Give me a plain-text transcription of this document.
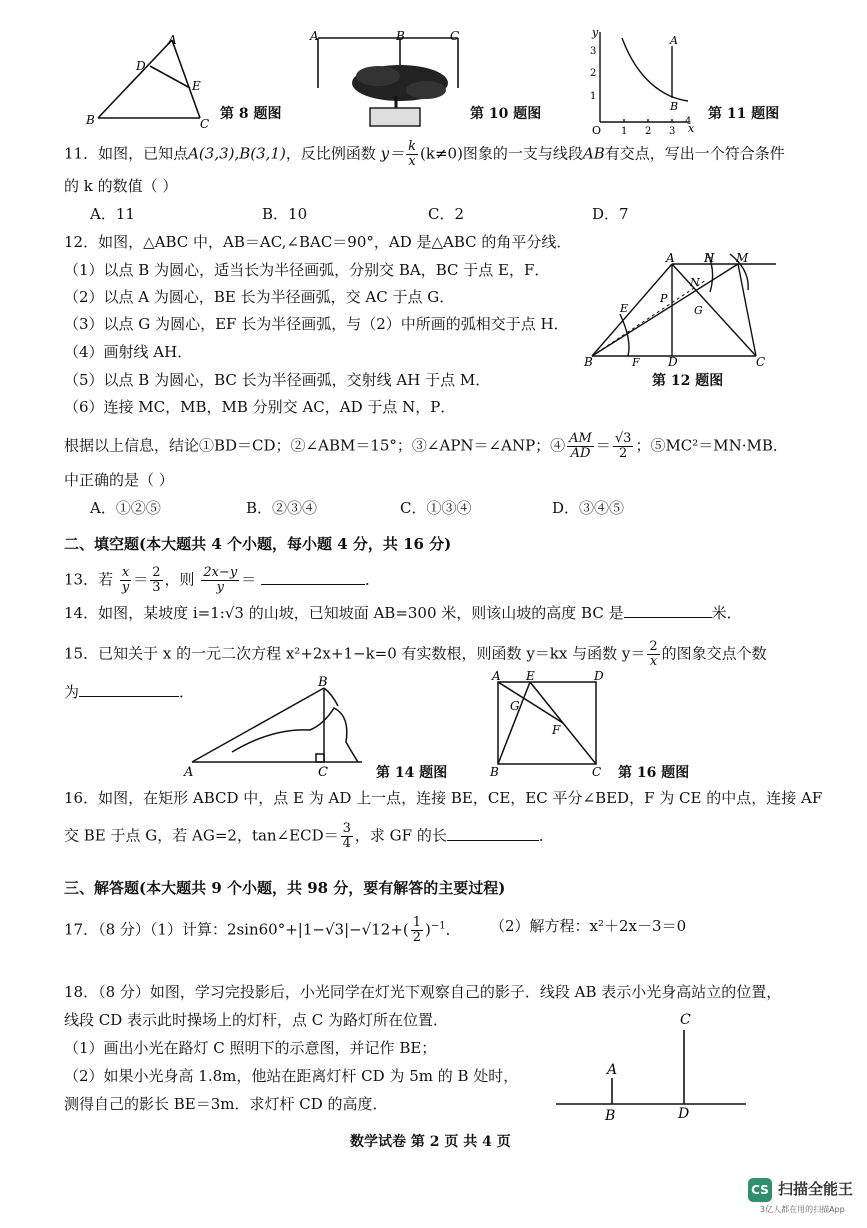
A
D
E
B	C
第 8 题图
A	B	C
第 10 题图
y
x
O
3
2
1
1 2 3
4
A
B 第 11 题图
11．如图，已知点A(3,3),B(3,1)，反比例函数 $y= \frac{k}{x} (k\ne 0)$图象的一支与线段AB有交点，写出一个符合条件
的 k 的数值（ ）
A．11	B．10	C．2	D．7
12．如图，△ABC 中，AB＝AC,∠BAC＝90°，AD 是△ABC 的角平分线．
（1）以点 B 为圆心，适当长为半径画弧，分别交 BA，BC 于点 E，F．
（2）以点 A 为圆心，BE 长为半径画弧，交 AC 于点 G．
（3）以点 G 为圆心，EF 长为半径画弧，与（2）中所画的弧相交于点 H．
（4）画射线 AH．
（5）以点 B 为圆心，BC 长为半径画弧，交射线 AH 于点 M．
（6）连接 MC，MB，MB 分别交 AC，AD 于点 N，P．
A H M
N
E
P
G
B	F D	C
第 12 题图
根据以上信息，结论①BD＝CD；②∠ABM＝15°；③∠APN＝∠ANP；④ $\frac{AM}{AD} = \frac{√3}{2}$ ；⑤MC²＝MN·MB．
中正确的是（ ）
A．①②⑤	B．②③④	C．①③④	D．③④⑤
二、填空题(本大题共 4 个小题，每小题 4 分，共 16 分)
13．若 $\frac{x}{y} = \frac{2}{3}$ ，则 $\frac{2x-y}{y}$ ＝	．
14．如图，某坡度 i=1:√3 的山坡，已知坡面 AB=300 米，则该山坡的高度 BC 是	米．
15．已知关于 x 的一元二次方程 x²+2x+1−k=0 有实数根，则函数 y＝kx 与函数 $y= \frac{2}{x}$ 的图象交点个数
为	．
B
A	C	第 14 题图
A E	D
G
F
B	C 第 16 题图
16．如图，在矩形 ABCD 中，点 E 为 AD 上一点，连接 BE，CE，EC 平分∠BED，F 为 CE 的中点，连接 AF
交 BE 于点 G，若 AG=2，tan∠ECD＝ $\frac{3}{4}$ ，求 GF 的长	．
三、解答题(本大题共 9 个小题，共 98 分，要有解答的主要过程)
17．（8 分）（1）计算：$2\sin 60^\circ+|1-√3|-√12+( \frac{1}{2} )^{-1}$． （2）解方程：x²＋2x－3＝0
18．（8 分）如图，学习完投影后，小光同学在灯光下观察自己的影子．线段 AB 表示小光身高站立的位置，
线段 CD 表示此时操场上的灯杆，点 C 为路灯所在位置．
（1）画出小光在路灯 C 照明下的示意图，并记作 BE；
（2）如果小光身高 1.8m，他站在距离灯杆 CD 为 5m 的 B 处时，
测得自己的影长 BE＝3m．求灯杆 CD 的高度．
C
A
B	D
数学试卷 第 2 页 共 4 页
CS 扫描全能王
3亿人都在用的扫描App
